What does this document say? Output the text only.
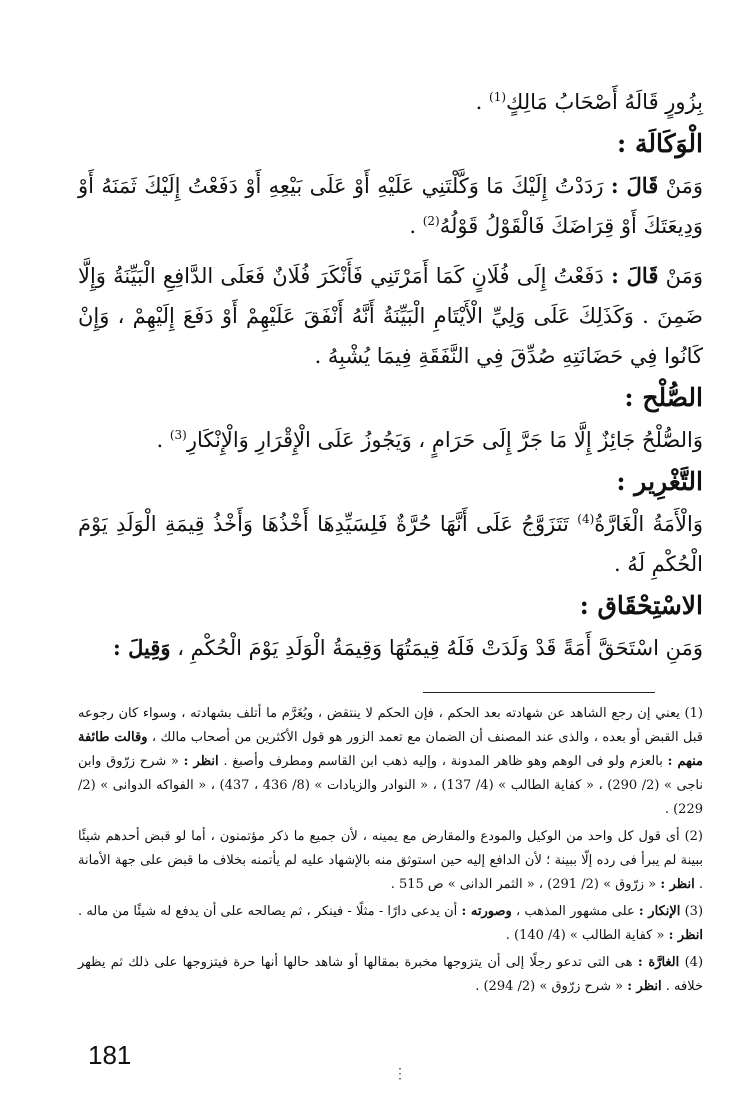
بِزُورٍ قَالَهُ أَصْحَابُ مَالِكٍ$^{(1)}$ .

الْوَكَالَة :

وَمَنْ قَالَ : رَدَدْتُ إِلَيْكَ مَا وَكَّلْتَنِي عَلَيْهِ أَوْ عَلَى بَيْعِهِ أَوْ دَفَعْتُ إِلَيْكَ ثَمَنَهُ أَوْ وَدِيعَتَكَ أَوْ قِرَاضَكَ فَالْقَوْلُ قَوْلُهُ$^{(2)}$ .

وَمَنْ قَالَ : دَفَعْتُ إِلَى فُلَانٍ كَمَا أَمَرْتَنِي فَأَنْكَرَ فُلَانٌ فَعَلَى الدَّافِعِ الْبَيِّنَةُ وَإِلَّا ضَمِنَ . وَكَذَلِكَ عَلَى وَلِيِّ الْأَيْتَامِ الْبَيِّنَةُ أَنَّهُ أَنْفَقَ عَلَيْهِمْ أَوْ دَفَعَ إِلَيْهِمْ ، وَإِنْ كَانُوا فِي حَضَانَتِهِ صُدِّقَ فِي النَّفَقَةِ فِيمَا يُشْبِهُ .

الصُّلْح :

وَالصُّلْحُ جَائِزٌ إِلَّا مَا جَرَّ إِلَى حَرَامٍ ، وَيَجُوزُ عَلَى الْإِقْرَارِ وَالْإِنْكَارِ$^{(3)}$ .

التَّغْرِير :

وَالْأَمَةُ الْغَارَّةُ$^{(4)}$ تَتَزَوَّجُ عَلَى أَنَّهَا حُرَّةٌ فَلِسَيِّدِهَا أَخْذُهَا وَأَخْذُ قِيمَةِ الْوَلَدِ يَوْمَ الْحُكْمِ لَهُ .

الاسْتِحْقَاق :

وَمَنِ اسْتَحَقَّ أَمَةً قَدْ وَلَدَتْ فَلَهُ قِيمَتُهَا وَقِيمَةُ الْوَلَدِ يَوْمَ الْحُكْمِ ، وَقِيلَ :

(1) يعني إن رجع الشاهد عن شهادته بعد الحكم ، فإن الحكم لا ينتقض ، ويُغَرَّم ما أتلف بشهادته ، وسواء كان رجوعه قبل القبض أو بعده ، والذى عند المصنف أن الضمان مع تعمد الزور هو قول الأكثرين من أصحاب مالك ، وقالت طائفة منهم : بالعزم ولو فى الوهم وهو ظاهر المدونة ، وإليه ذهب ابن القاسم ومطرف وأصبغ . انظر : « شرح زرّوق وابن ناجى » (2/ 290) ، « كفاية الطالب » (4/ 137) ، « النوادر والزيادات » (8/ 436 ، 437) ، « الفواكه الدوانى » (2/ 229) .

(2) أى قول كل واحد من الوكيل والمودع والمقارض مع يمينه ، لأن جميع ما ذكر مؤتمنون ، أما لو قبض أحدهم شيئًا ببينة لم يبرأ فى رده إلّا ببينة ؛ لأن الدافع إليه حين استوثق منه بالإشهاد عليه لم يأتمنه بخلاف ما قبض على جهة الأمانة . انظر : « زرّوق » (2/ 291) ، « الثمر الدانى » ص 515 .

(3) الإنكار : على مشهور المذهب ، وصورته : أن يدعى دارًا - مثلًا - فينكر ، ثم يصالحه على أن يدفع له شيئًا من ماله . انظر : « كفاية الطالب » (4/ 140) .

(4) الغارَّة : هى التى تدعو رجلًا إلى أن يتزوجها مخبرة بمقالها أو شاهد حالها أنها حرة فيتزوجها على ذلك ثم يظهر خلافه . انظر : « شرح زرّوق » (2/ 294) .

181
⋮
